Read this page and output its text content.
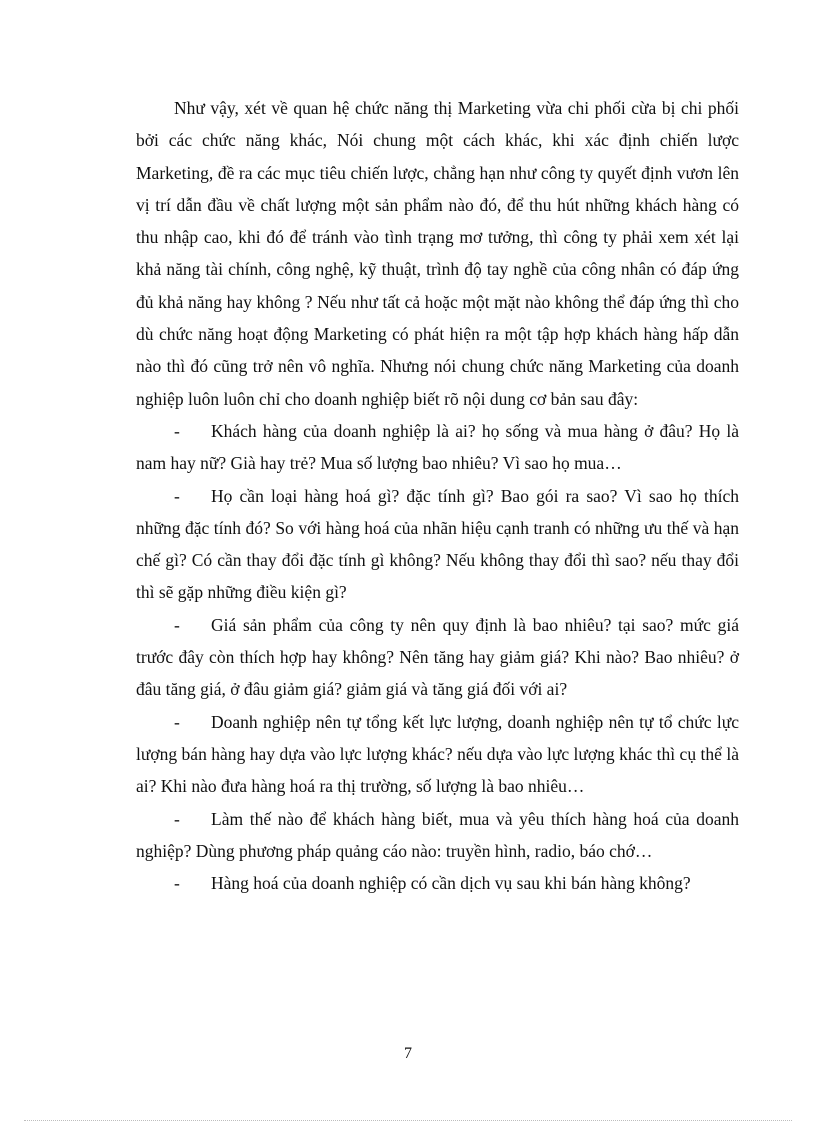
Như vậy, xét về quan hệ chức năng thị Marketing vừa chi phối cừa bị chi phối bởi các chức năng khác, Nói chung một cách khác, khi xác định chiến lược Marketing, đề ra các mục tiêu chiến lược, chẳng hạn như công ty quyết định vươn lên vị trí dẫn đầu về chất lượng một sản phẩm nào đó, để thu hút những khách hàng có thu nhập cao, khi đó để tránh vào tình trạng mơ tưởng, thì công ty phải xem xét lại khả năng tài chính, công nghệ, kỹ thuật, trình độ tay nghề của công nhân có đáp ứng đủ khả năng hay không ? Nếu như tất cả hoặc một mặt nào không thể đáp ứng thì cho dù chức năng hoạt động Marketing có phát hiện ra một tập hợp khách hàng hấp dẫn nào thì đó cũng trở nên vô nghĩa. Nhưng nói chung chức năng Marketing của doanh nghiệp luôn luôn chỉ cho doanh nghiệp biết rõ nội dung cơ bản sau đây:

- Khách hàng của doanh nghiệp là ai? họ sống và mua hàng ở đâu? Họ là nam hay nữ? Già hay trẻ? Mua số lượng bao nhiêu? Vì sao họ mua…

- Họ cần loại hàng hoá gì? đặc tính gì? Bao gói ra sao? Vì sao họ thích những đặc tính đó? So với hàng hoá của nhãn hiệu cạnh tranh có những ưu thế và hạn chế gì? Có cần thay đổi đặc tính gì không? Nếu không thay đổi thì sao? nếu thay đổi thì sẽ gặp những điều kiện gì?

- Giá sản phẩm của công ty nên quy định là bao nhiêu? tại sao? mức giá trước đây còn thích hợp hay không? Nên tăng hay giảm giá? Khi nào? Bao nhiêu? ở đâu tăng giá, ở đâu giảm giá? giảm giá và tăng giá đối với ai?

- Doanh nghiệp nên tự tổng kết lực lượng, doanh nghiệp nên tự tổ chức lực lượng bán hàng hay dựa vào lực lượng khác? nếu dựa vào lực lượng khác thì cụ thể là ai? Khi nào đưa hàng hoá ra thị trường, số lượng là bao nhiêu…

- Làm thế nào để khách hàng biết, mua và yêu thích hàng hoá của doanh nghiệp? Dùng phương pháp quảng cáo nào: truyền hình, radio, báo chớ…

- Hàng hoá của doanh nghiệp có cần dịch vụ sau khi bán hàng không?

7
